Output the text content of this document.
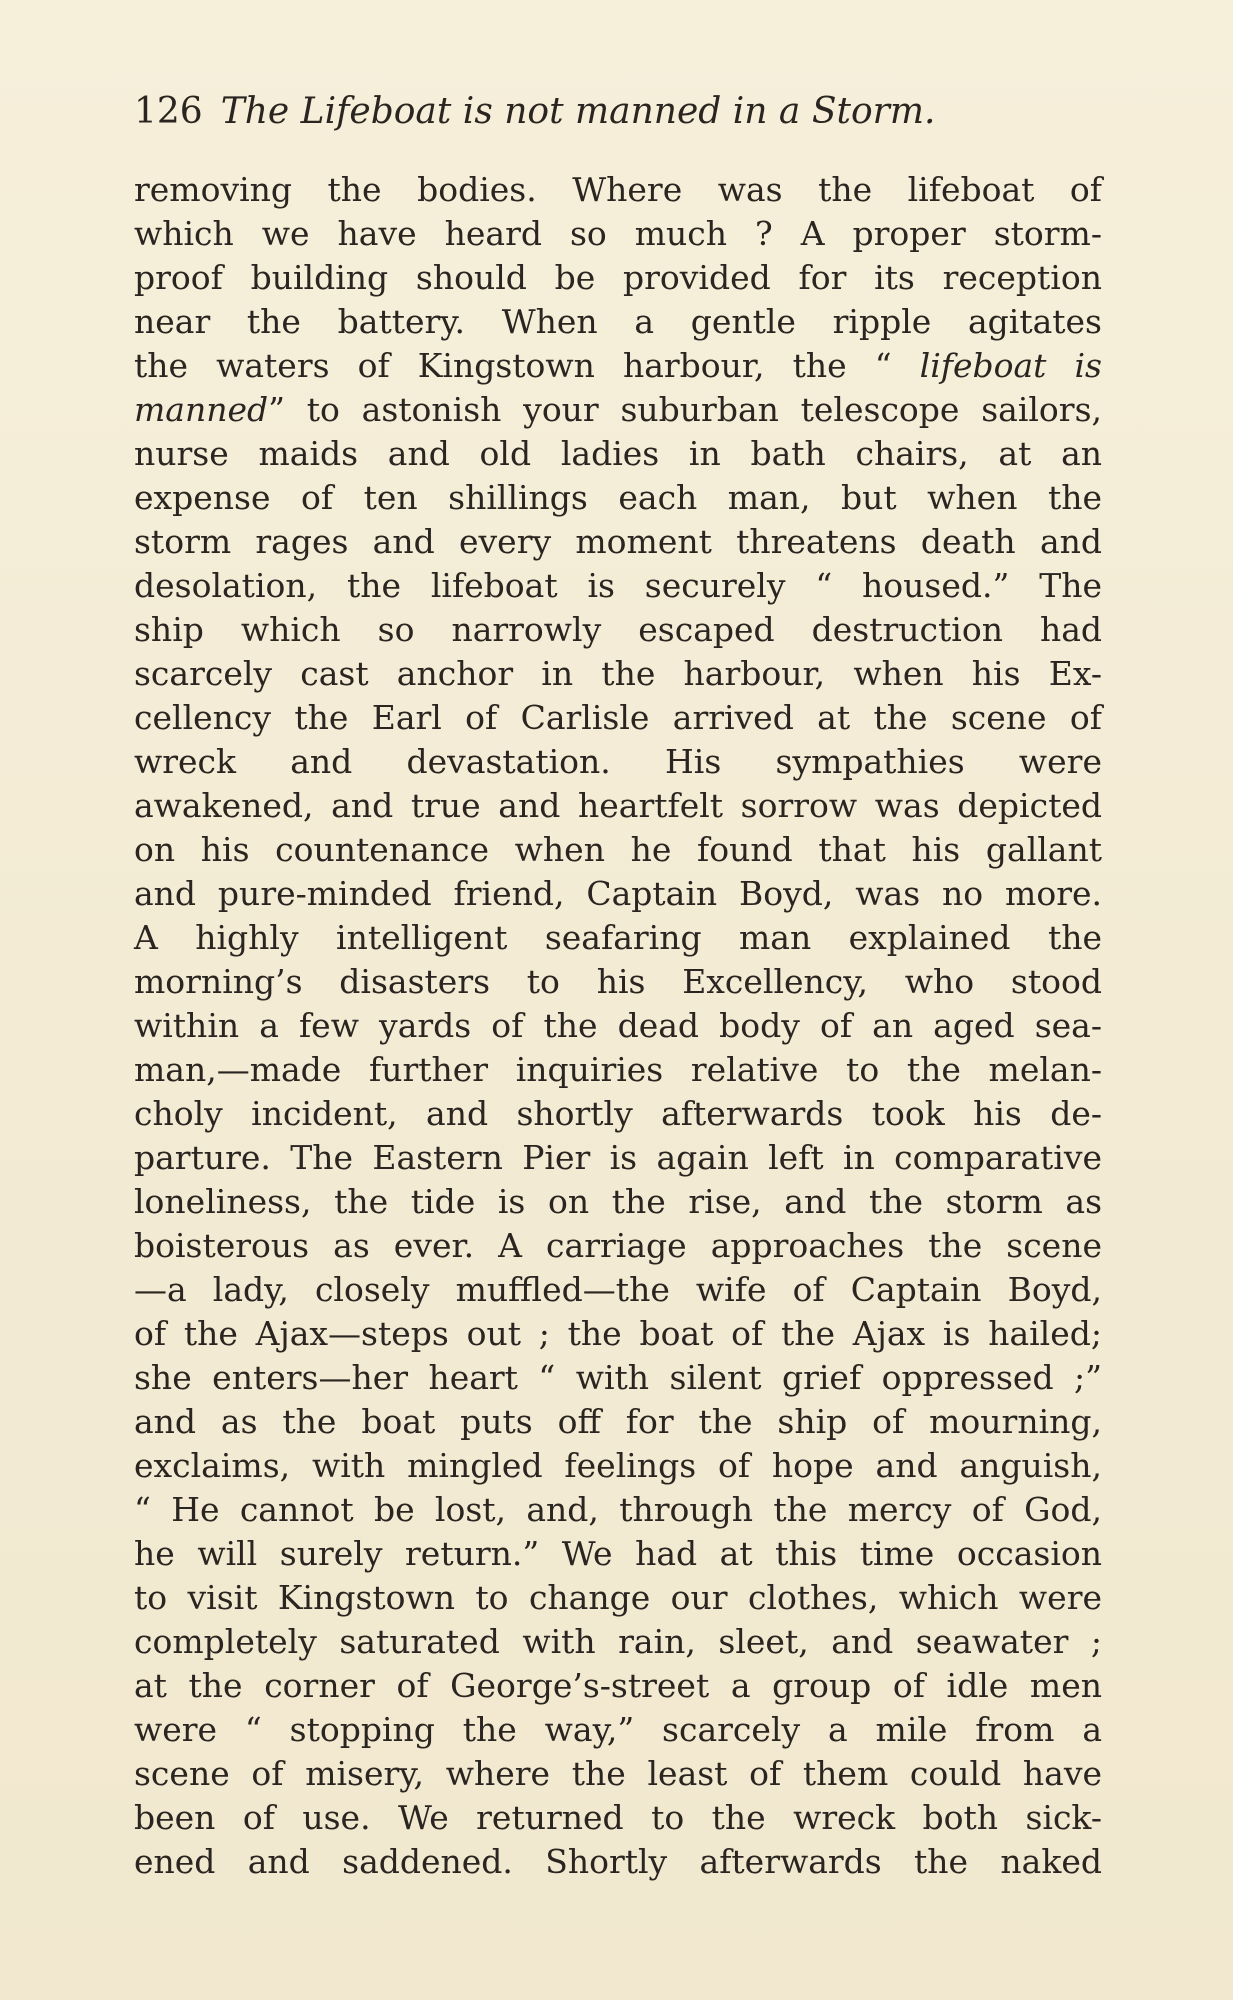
126 The Lifeboat is not manned in a Storm.
removing the bodies. Where was the lifeboat of
which we have heard so much ? A proper storm-
proof building should be provided for its reception
near the battery. When a gentle ripple agitates
the waters of Kingstown harbour, the “ lifeboat is
manned” to astonish your suburban telescope sailors,
nurse maids and old ladies in bath chairs, at an
expense of ten shillings each man, but when the
storm rages and every moment threatens death and
desolation, the lifeboat is securely “ housed.” The
ship which so narrowly escaped destruction had
scarcely cast anchor in the harbour, when his Ex-
cellency the Earl of Carlisle arrived at the scene of
wreck and devastation. His sympathies were
awakened, and true and heartfelt sorrow was depicted
on his countenance when he found that his gallant
and pure-minded friend, Captain Boyd, was no more.
A highly intelligent seafaring man explained the
morning’s disasters to his Excellency, who stood
within a few yards of the dead body of an aged sea-
man,—made further inquiries relative to the melan-
choly incident, and shortly afterwards took his de-
parture. The Eastern Pier is again left in comparative
loneliness, the tide is on the rise, and the storm as
boisterous as ever. A carriage approaches the scene
—a lady, closely muffled—the wife of Captain Boyd,
of the Ajax—steps out ; the boat of the Ajax is hailed;
she enters—her heart “ with silent grief oppressed ;”
and as the boat puts off for the ship of mourning,
exclaims, with mingled feelings of hope and anguish,
“ He cannot be lost, and, through the mercy of God,
he will surely return.” We had at this time occasion
to visit Kingstown to change our clothes, which were
completely saturated with rain, sleet, and seawater ;
at the corner of George’s-street a group of idle men
were “ stopping the way,” scarcely a mile from a
scene of misery, where the least of them could have
been of use. We returned to the wreck both sick-
ened and saddened. Shortly afterwards the naked
